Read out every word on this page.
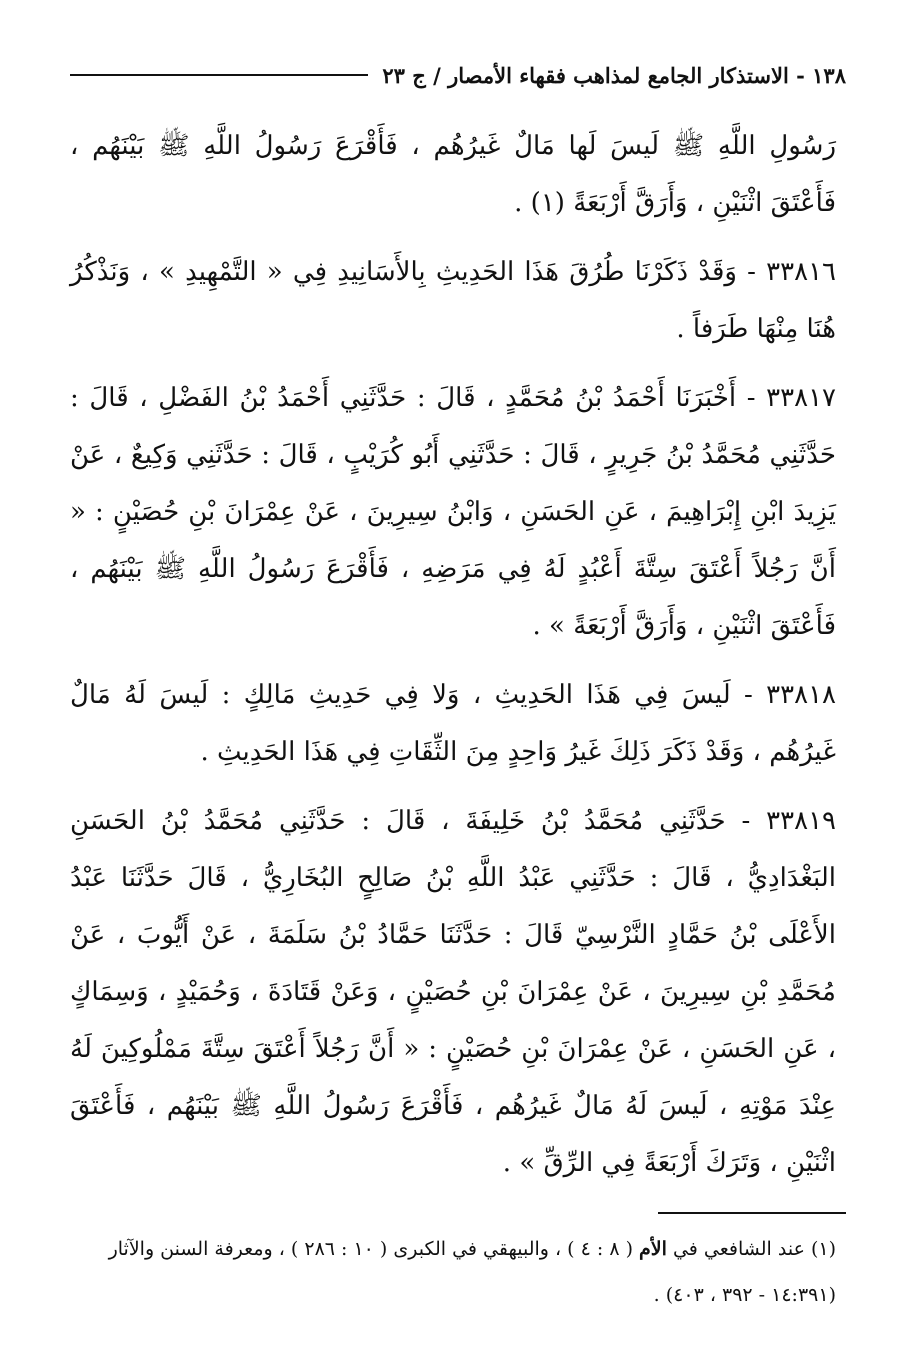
١٣٨ - الاستذكار الجامع لمذاهب فقهاء الأمصار / ج ٢٣

رَسُولِ اللَّهِ ﷺ لَيسَ لَها مَالٌ غَيرُهُم ، فَأَقْرَعَ رَسُولُ اللَّهِ ﷺ بَيْنَهُم ، فَأَعْتَقَ اثْنَيْنِ ، وَأَرَقَّ أَرْبَعَةً (١) .

٣٣٨١٦ - وَقَدْ ذَكَرْنَا طُرُقَ هَذَا الحَدِيثِ بِالأَسَانِيدِ فِي « التَّمْهِيدِ » ، وَنَذْكُرُ هُنَا مِنْهَا طَرَفاً .

٣٣٨١٧ - أَخْبَرَنَا أَحْمَدُ بْنُ مُحَمَّدٍ ، قَالَ : حَدَّثَنِي أَحْمَدُ بْنُ الفَضْلِ ، قَالَ : حَدَّثَنِي مُحَمَّدُ بْنُ جَرِيرٍ ، قَالَ : حَدَّثَنِي أَبُو كُرَيْبٍ ، قَالَ : حَدَّثَنِي وَكِيعٌ ، عَنْ يَزِيدَ ابْنِ إِبْرَاهِيمَ ، عَنِ الحَسَنِ ، وَابْنُ سِيرِينَ ، عَنْ عِمْرَانَ بْنِ حُصَيْنٍ : « أَنَّ رَجُلاً أَعْتَقَ سِتَّةَ أَعْبُدٍ لَهُ فِي مَرَضِهِ ، فَأَقْرَعَ رَسُولُ اللَّهِ ﷺ بَيْنَهُم ، فَأَعْتَقَ اثْنَيْنِ ، وَأَرَقَّ أَرْبَعَةً » .

٣٣٨١٨ - لَيسَ فِي هَذَا الحَدِيثِ ، وَلا فِي حَدِيثِ مَالِكٍ : لَيسَ لَهُ مَالٌ غَيرُهُم ، وَقَدْ ذَكَرَ ذَلِكَ غَيرُ وَاحِدٍ مِنَ الثِّقَاتِ فِي هَذَا الحَدِيثِ .

٣٣٨١٩ - حَدَّثَنِي مُحَمَّدُ بْنُ خَلِيفَةَ ، قَالَ : حَدَّثَنِي مُحَمَّدُ بْنُ الحَسَنِ البَغْدَادِيُّ ، قَالَ : حَدَّثَنِي عَبْدُ اللَّهِ بْنُ صَالِحٍ البُخَارِيُّ ، قَالَ حَدَّثَنَا عَبْدُ الأَعْلَى بْنُ حَمَّادٍ النَّرْسِيّ قَالَ : حَدَّثَنَا حَمَّادُ بْنُ سَلَمَةَ ، عَنْ أَيُّوبَ ، عَنْ مُحَمَّدِ بْنِ سِيرِينَ ، عَنْ عِمْرَانَ بْنِ حُصَيْنٍ ، وَعَنْ قَتَادَةَ ، وَحُمَيْدٍ ، وَسِمَاكٍ ، عَنِ الحَسَنِ ، عَنْ عِمْرَانَ بْنِ حُصَيْنٍ : « أَنَّ رَجُلاً أَعْتَقَ سِتَّةَ مَمْلُوكِينَ لَهُ عِنْدَ مَوْتِهِ ، لَيسَ لَهُ مَالٌ غَيرُهُم ، فَأَقْرَعَ رَسُولُ اللَّهِ ﷺ بَيْنَهُم ، فَأَعْتَقَ اثْنَيْنِ ، وَتَرَكَ أَرْبَعَةً فِي الرِّقِّ » .

(١) عند الشافعي في الأم ( ٨ : ٤ ) ، والبيهقي في الكبرى ( ١٠ : ٢٨٦ ) ، ومعرفة السنن والآثار

(١٤:٣٩١ - ٣٩٢ ، ٤٠٣) .
